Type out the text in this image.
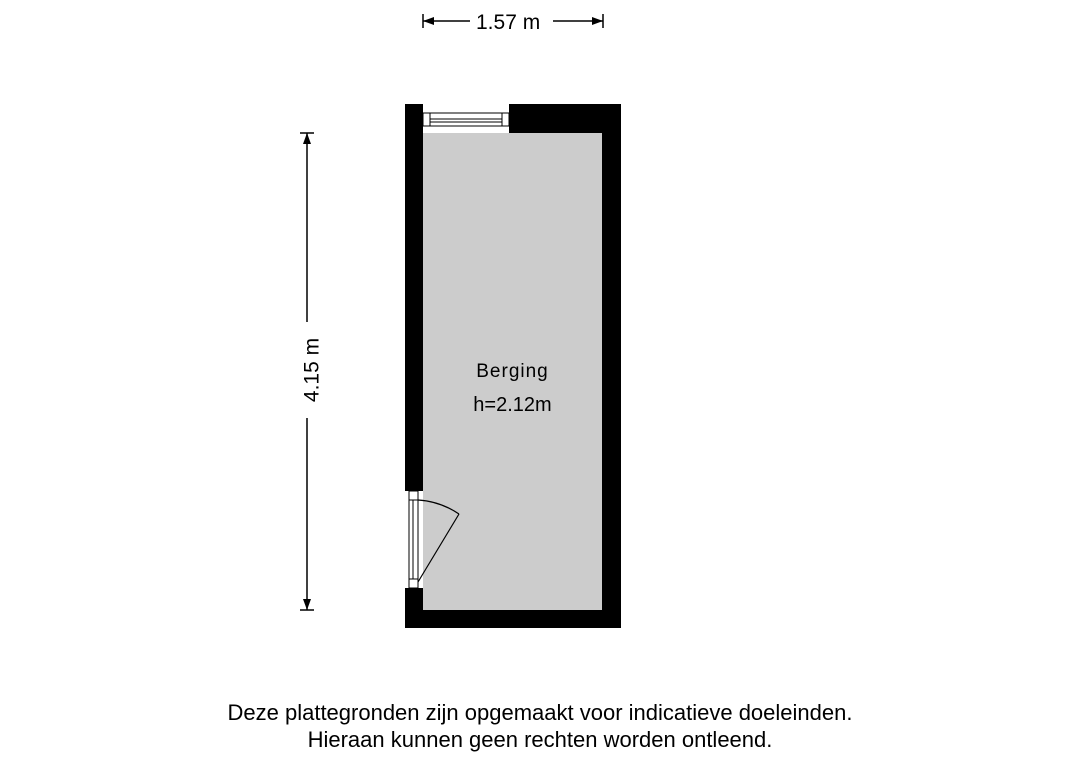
1.57 m
4.15 m	Berging
h=2.12m
Deze plattegronden zijn opgemaakt voor indicatieve doeleinden.
Hieraan kunnen geen rechten worden ontleend.
